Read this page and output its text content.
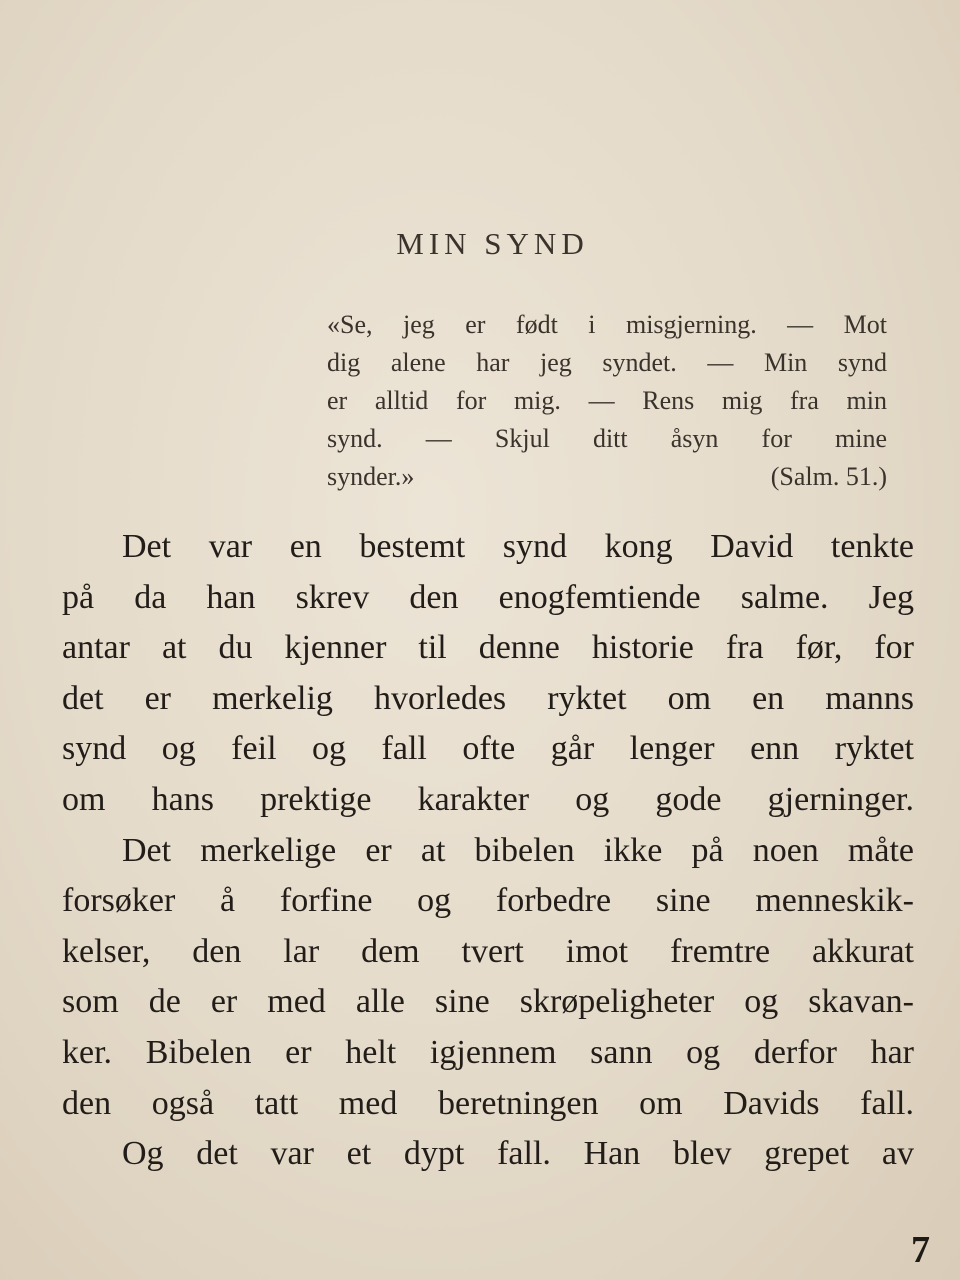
MIN SYND
«Se, jeg er født i misgjerning. — Mot
dig alene har jeg syndet. — Min synd
er alltid for mig. — Rens mig fra min
synd. — Skjul ditt åsyn for mine
synder.»	(Salm. 51.)
Det var en bestemt synd kong David tenkte
på da han skrev den enogfemtiende salme. Jeg
antar at du kjenner til denne historie fra før, for
det er merkelig hvorledes ryktet om en manns
synd og feil og fall ofte går lenger enn ryktet
om hans prektige karakter og gode gjerninger.
Det merkelige er at bibelen ikke på noen måte
forsøker å forfine og forbedre sine menneskik-
kelser, den lar dem tvert imot fremtre akkurat
som de er med alle sine skrøpeligheter og skavan-
ker. Bibelen er helt igjennem sann og derfor har
den også tatt med beretningen om Davids fall.
Og det var et dypt fall. Han blev grepet av
7
